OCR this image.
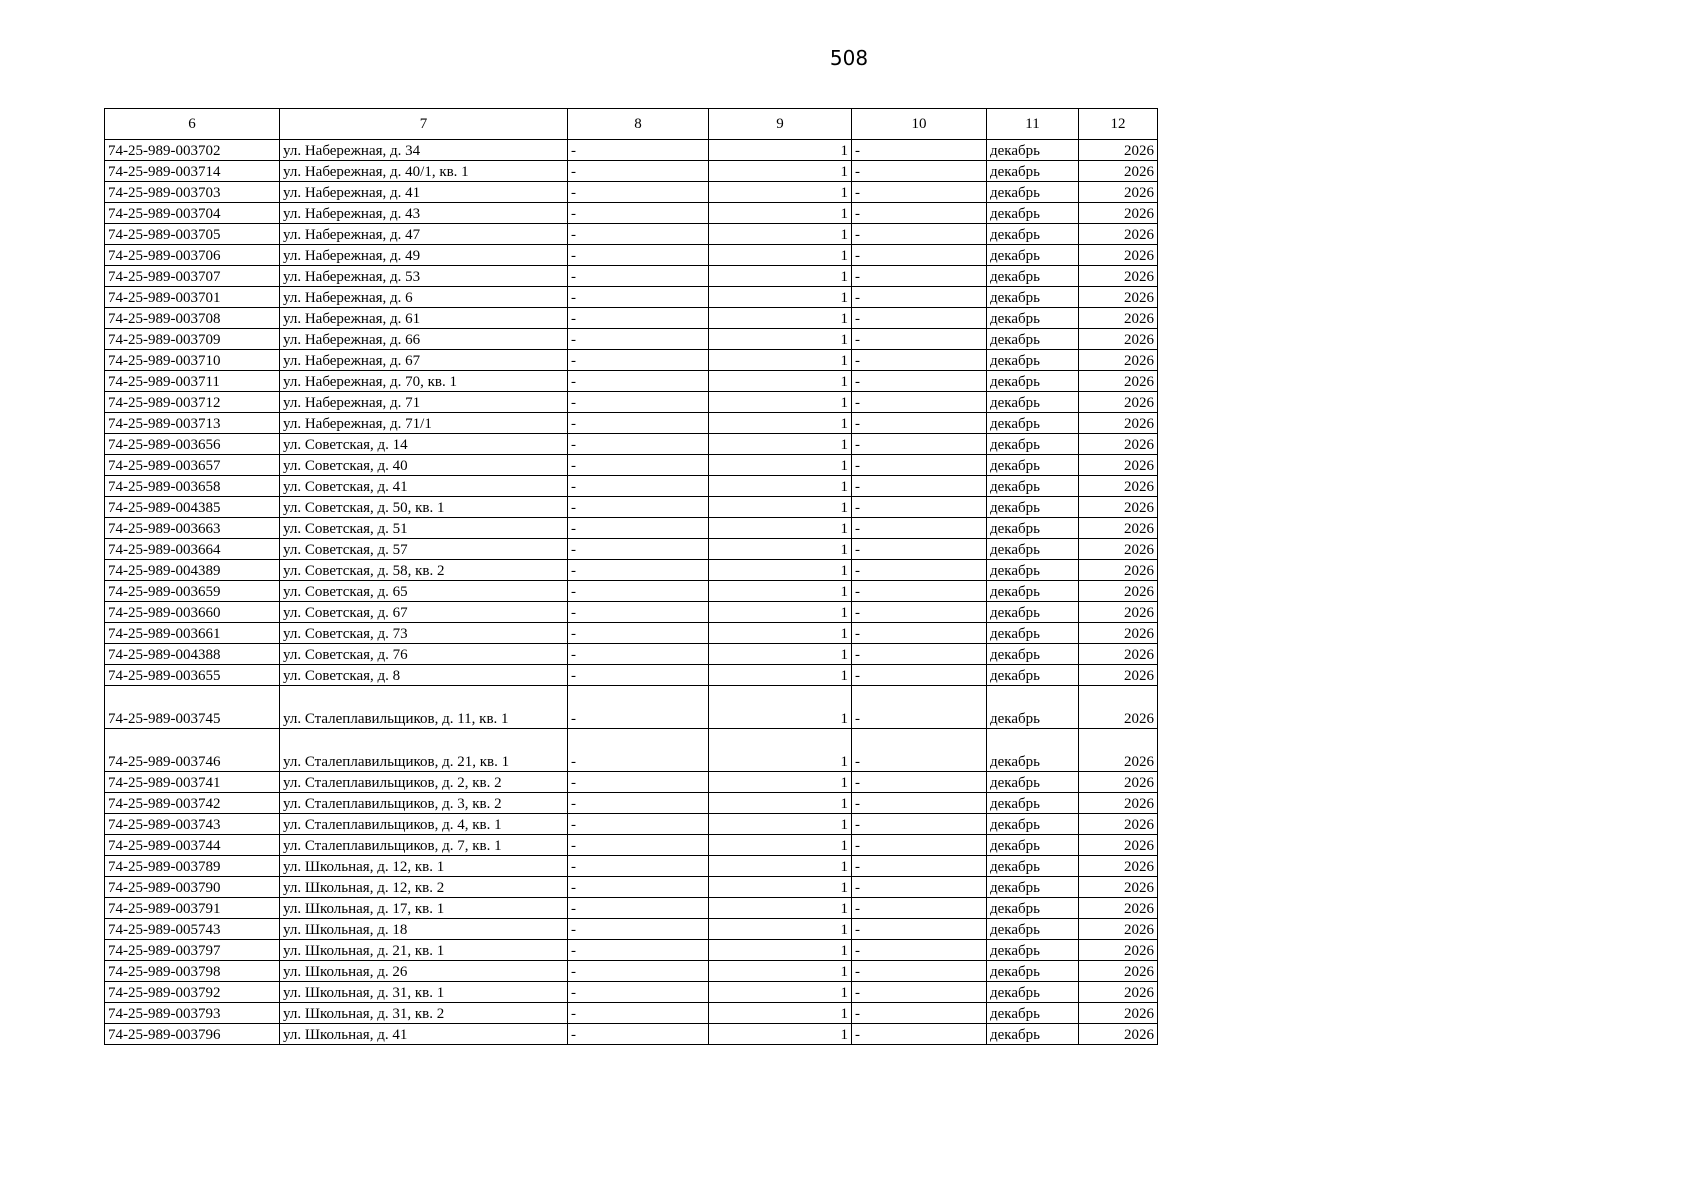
508
6	7	8	9	10	11	12
74-25-989-003702	ул. Набережная, д. 34	-	1	-	декабрь	2026
74-25-989-003714	ул. Набережная, д. 40/1, кв. 1	-	1	-	декабрь	2026
74-25-989-003703	ул. Набережная, д. 41	-	1	-	декабрь	2026
74-25-989-003704	ул. Набережная, д. 43	-	1	-	декабрь	2026
74-25-989-003705	ул. Набережная, д. 47	-	1	-	декабрь	2026
74-25-989-003706	ул. Набережная, д. 49	-	1	-	декабрь	2026
74-25-989-003707	ул. Набережная, д. 53	-	1	-	декабрь	2026
74-25-989-003701	ул. Набережная, д. 6	-	1	-	декабрь	2026
74-25-989-003708	ул. Набережная, д. 61	-	1	-	декабрь	2026
74-25-989-003709	ул. Набережная, д. 66	-	1	-	декабрь	2026
74-25-989-003710	ул. Набережная, д. 67	-	1	-	декабрь	2026
74-25-989-003711	ул. Набережная, д. 70, кв. 1	-	1	-	декабрь	2026
74-25-989-003712	ул. Набережная, д. 71	-	1	-	декабрь	2026
74-25-989-003713	ул. Набережная, д. 71/1	-	1	-	декабрь	2026
74-25-989-003656	ул. Советская, д. 14	-	1	-	декабрь	2026
74-25-989-003657	ул. Советская, д. 40	-	1	-	декабрь	2026
74-25-989-003658	ул. Советская, д. 41	-	1	-	декабрь	2026
74-25-989-004385	ул. Советская, д. 50, кв. 1	-	1	-	декабрь	2026
74-25-989-003663	ул. Советская, д. 51	-	1	-	декабрь	2026
74-25-989-003664	ул. Советская, д. 57	-	1	-	декабрь	2026
74-25-989-004389	ул. Советская, д. 58, кв. 2	-	1	-	декабрь	2026
74-25-989-003659	ул. Советская, д. 65	-	1	-	декабрь	2026
74-25-989-003660	ул. Советская, д. 67	-	1	-	декабрь	2026
74-25-989-003661	ул. Советская, д. 73	-	1	-	декабрь	2026
74-25-989-004388	ул. Советская, д. 76	-	1	-	декабрь	2026
74-25-989-003655	ул. Советская, д. 8	-	1	-	декабрь	2026
74-25-989-003745	ул. Сталеплавильщиков, д. 11, кв. 1	-	1	-	декабрь	2026
74-25-989-003746	ул. Сталеплавильщиков, д. 21, кв. 1	-	1	-	декабрь	2026
74-25-989-003741	ул. Сталеплавильщиков, д. 2, кв. 2	-	1	-	декабрь	2026
74-25-989-003742	ул. Сталеплавильщиков, д. 3, кв. 2	-	1	-	декабрь	2026
74-25-989-003743	ул. Сталеплавильщиков, д. 4, кв. 1	-	1	-	декабрь	2026
74-25-989-003744	ул. Сталеплавильщиков, д. 7, кв. 1	-	1	-	декабрь	2026
74-25-989-003789	ул. Школьная, д. 12, кв. 1	-	1	-	декабрь	2026
74-25-989-003790	ул. Школьная, д. 12, кв. 2	-	1	-	декабрь	2026
74-25-989-003791	ул. Школьная, д. 17, кв. 1	-	1	-	декабрь	2026
74-25-989-005743	ул. Школьная, д. 18	-	1	-	декабрь	2026
74-25-989-003797	ул. Школьная, д. 21, кв. 1	-	1	-	декабрь	2026
74-25-989-003798	ул. Школьная, д. 26	-	1	-	декабрь	2026
74-25-989-003792	ул. Школьная, д. 31, кв. 1	-	1	-	декабрь	2026
74-25-989-003793	ул. Школьная, д. 31, кв. 2	-	1	-	декабрь	2026
74-25-989-003796	ул. Школьная, д. 41	-	1	-	декабрь	2026
